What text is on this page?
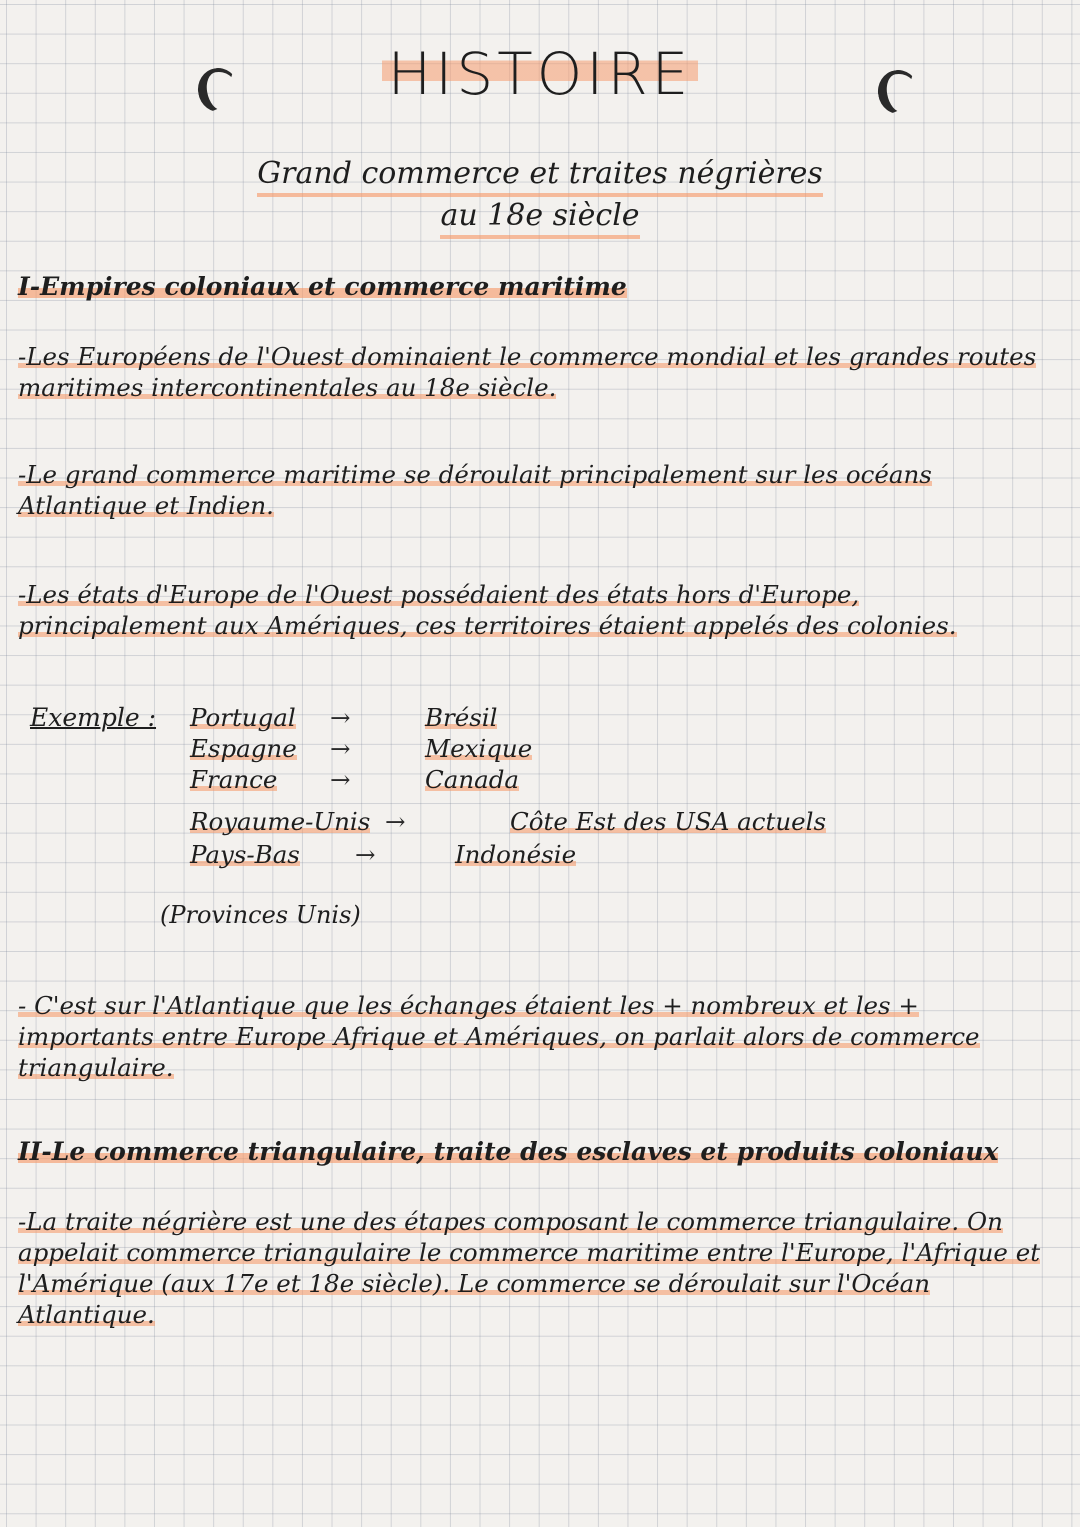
HISTOIRE

Grand commerce et traites négrières

au 18e siècle

I-Empires coloniaux et commerce maritime

-Les Européens de l'Ouest dominaient le commerce mondial et les grandes routes maritimes intercontinentales au 18e siècle.

-Le grand commerce maritime se déroulait principalement sur les océans Atlantique et Indien.

-Les états d'Europe de l'Ouest possédaient des états hors d'Europe, principalement aux Amériques, ces territoires étaient appelés des colonies.

Exemple : Portugal →	Brésil
Espagne →	Mexique
France →	Canada
Royaume-Unis →	Côte Est des USA actuels
Pays-Bas →	Indonésie
(Provinces Unis)

- C'est sur l'Atlantique que les échanges étaient les + nombreux et les + importants entre Europe Afrique et Amériques, on parlait alors de commerce triangulaire.

II-Le commerce triangulaire, traite des esclaves et produits coloniaux

-La traite négrière est une des étapes composant le commerce triangulaire. On appelait commerce triangulaire le commerce maritime entre l'Europe, l'Afrique et l'Amérique (aux 17e et 18e siècle). Le commerce se déroulait sur l'Océan Atlantique.
